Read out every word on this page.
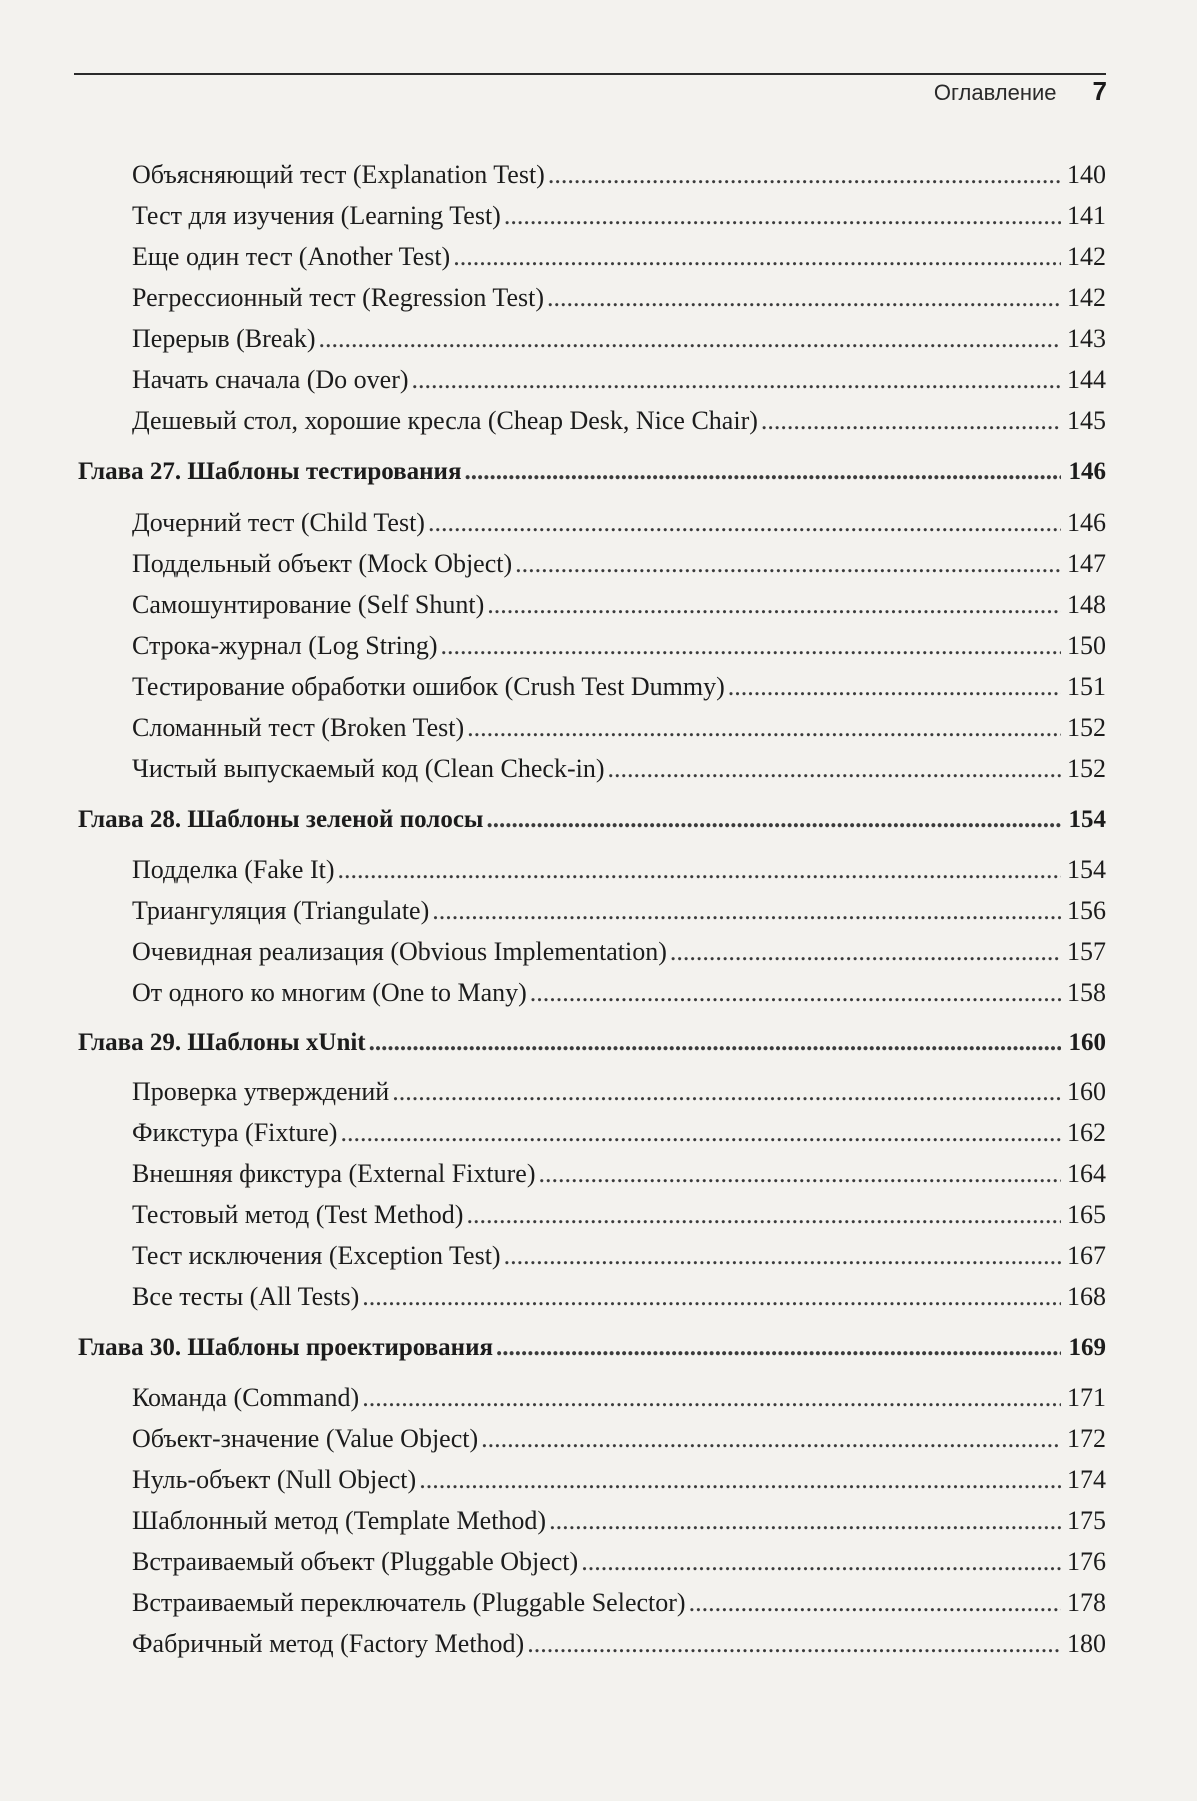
Оглавление 7
Объясняющий тест (Explanation Test) .....	140
Тест для изучения (Learning Test) .....	141
Еще один тест (Another Test) .....	142
Регрессионный тест (Regression Test) .....	142
Перерыв (Break) .....	143
Начать сначала (Do over) .....	144
Дешевый стол, хорошие кресла (Cheap Desk, Nice Chair) .....	145
Глава 27. Шаблоны тестирования .....	146
Дочерний тест (Child Test) .....	146
Поддельный объект (Mock Object) .....	147
Самошунтирование (Self Shunt) .....	148
Строка-журнал (Log String) .....	150
Тестирование обработки ошибок (Crush Test Dummy) .....	151
Сломанный тест (Broken Test) .....	152
Чистый выпускаемый код (Clean Check-in) .....	152
Глава 28. Шаблоны зеленой полосы .....	154
Подделка (Fake It) .....	154
Триангуляция (Triangulate) .....	156
Очевидная реализация (Obvious Implementation) .....	157
От одного ко многим (One to Many) .....	158
Глава 29. Шаблоны xUnit .....	160
Проверка утверждений .....	160
Фикстура (Fixture) .....	162
Внешняя фикстура (External Fixture) .....	164
Тестовый метод (Test Method) .....	165
Тест исключения (Exception Test) .....	167
Все тесты (All Tests) .....	168
Глава 30. Шаблоны проектирования .....	169
Команда (Command) .....	171
Объект-значение (Value Object) .....	172
Нуль-объект (Null Object) .....	174
Шаблонный метод (Template Method) .....	175
Встраиваемый объект (Pluggable Object) .....	176
Встраиваемый переключатель (Pluggable Selector) .....	178
Фабричный метод (Factory Method) .....	180
